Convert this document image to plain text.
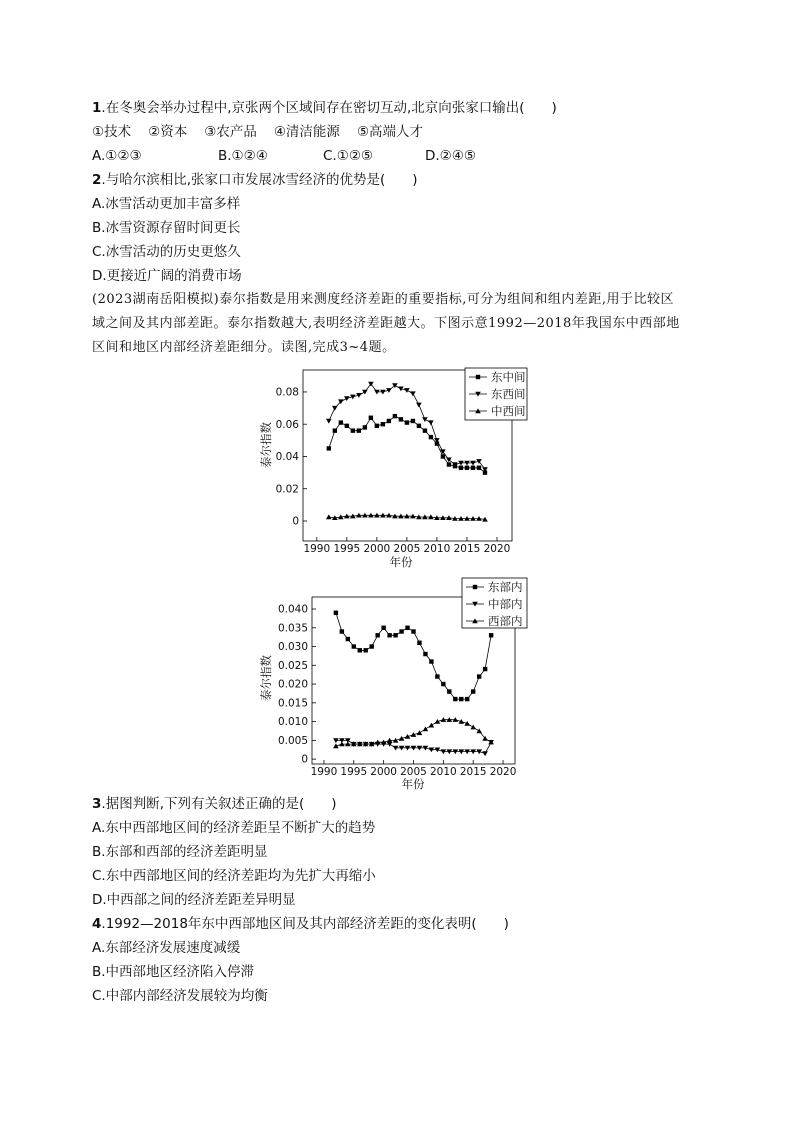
1.在冬奥会举办过程中,京张两个区域间存在密切互动,北京向张家口输出(　　)
①技术 ②资本 ③农产品 ④清洁能源 ⑤高端人才
A.①②③	B.①②④	C.①②⑤	D.②④⑤
2.与哈尔滨相比,张家口市发展冰雪经济的优势是(　　)
A.冰雪活动更加丰富多样
B.冰雪资源存留时间更长
C.冰雪活动的历史更悠久
D.更接近广阔的消费市场
(2023湖南岳阳模拟)泰尔指数是用来测度经济差距的重要指标,可分为组间和组内差距,用于比较区
域之间及其内部差距。泰尔指数越大,表明经济差距越大。下图示意1992—2018年我国东中西部地
区间和地区内部经济差距细分。读图,完成3~4题。
泰尔指数
年份
0
0.02
0.04
0.06
0.08
1990 1995 2000 2005 2010 2015 2020
东中间
东西间
中西间
泰尔指数
年份
0
0.005
0.010
0.015
0.020
0.025
0.030
0.035
0.040
1990 1995 2000 2005 2010 2015 2020
东部内
中部内
西部内
3.据图判断,下列有关叙述正确的是(　　)
A.东中西部地区间的经济差距呈不断扩大的趋势
B.东部和西部的经济差距明显
C.东中西部地区间的经济差距均为先扩大再缩小
D.中西部之间的经济差距差异明显
4.1992—2018年东中西部地区间及其内部经济差距的变化表明(　　)
A.东部经济发展速度减缓
B.中西部地区经济陷入停滞
C.中部内部经济发展较为均衡
